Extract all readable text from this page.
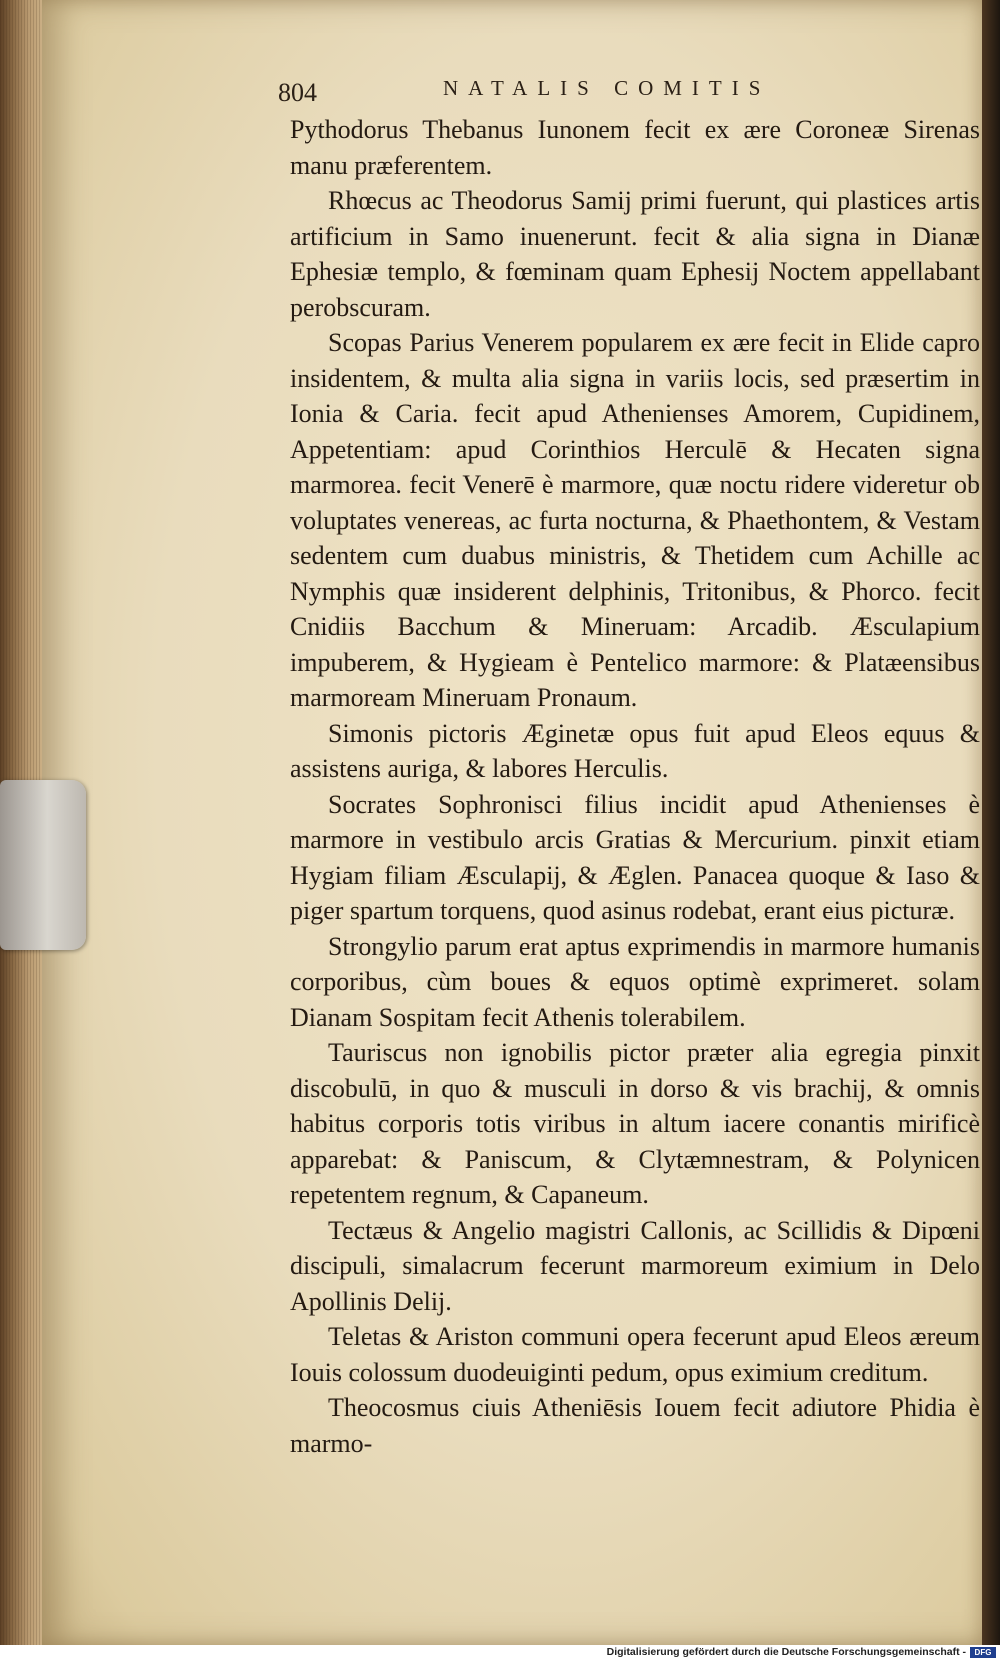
804	NATALIS COMITIS

Pythodorus Thebanus Iunonem fecit ex ære Coroneæ Sirenas manu præferentem.

Rhœcus ac Theodorus Samij primi fuerunt, qui plastices artis artificium in Samo inuenerunt. fecit & alia signa in Dianæ Ephesiæ templo, & fœminam quam Ephesij Noctem appellabant perobscuram.

Scopas Parius Venerem popularem ex ære fecit in Elide capro insidentem, & multa alia signa in variis locis, sed præsertim in Ionia & Caria. fecit apud Athenienses Amorem, Cupidinem, Appetentiam: apud Corinthios Herculē & Hecaten signa marmorea. fecit Venerē è marmore, quæ noctu ridere videretur ob voluptates venereas, ac furta nocturna, & Phaethontem, & Vestam sedentem cum duabus ministris, & Thetidem cum Achille ac Nymphis quæ insiderent delphinis, Tritonibus, & Phorco. fecit Cnidiis Bacchum & Mineruam: Arcadib. Æsculapium impuberem, & Hygieam è Pentelico marmore: & Platæensibus marmoream Mineruam Pronaum.

Simonis pictoris Æginetæ opus fuit apud Eleos equus & assistens auriga, & labores Herculis.

Socrates Sophronisci filius incidit apud Athenienses è marmore in vestibulo arcis Gratias & Mercurium. pinxit etiam Hygiam filiam Æsculapij, & Æglen. Panacea quoque & Iaso & piger spartum torquens, quod asinus rodebat, erant eius picturæ.

Strongylio parum erat aptus exprimendis in marmore humanis corporibus, cùm boues & equos optimè exprimeret. solam Dianam Sospitam fecit Athenis tolerabilem.

Tauriscus non ignobilis pictor præter alia egregia pinxit discobulū, in quo & musculi in dorso & vis brachij, & omnis habitus corporis totis viribus in altum iacere conantis mirificè apparebat: & Paniscum, & Clytæmnestram, & Polynicen repetentem regnum, & Capaneum.

Tectæus & Angelio magistri Callonis, ac Scillidis & Dipœni discipuli, simalacrum fecerunt marmoreum eximium in Delo Apollinis Delij.

Teletas & Ariston communi opera fecerunt apud Eleos æreum Iouis colossum duodeuiginti pedum, opus eximium creditum.

Theocosmus ciuis Atheniēsis Iouem fecit adiutore Phidia è marmo-

Digitalisierung gefördert durch die Deutsche Forschungsgemeinschaft -	DFG
